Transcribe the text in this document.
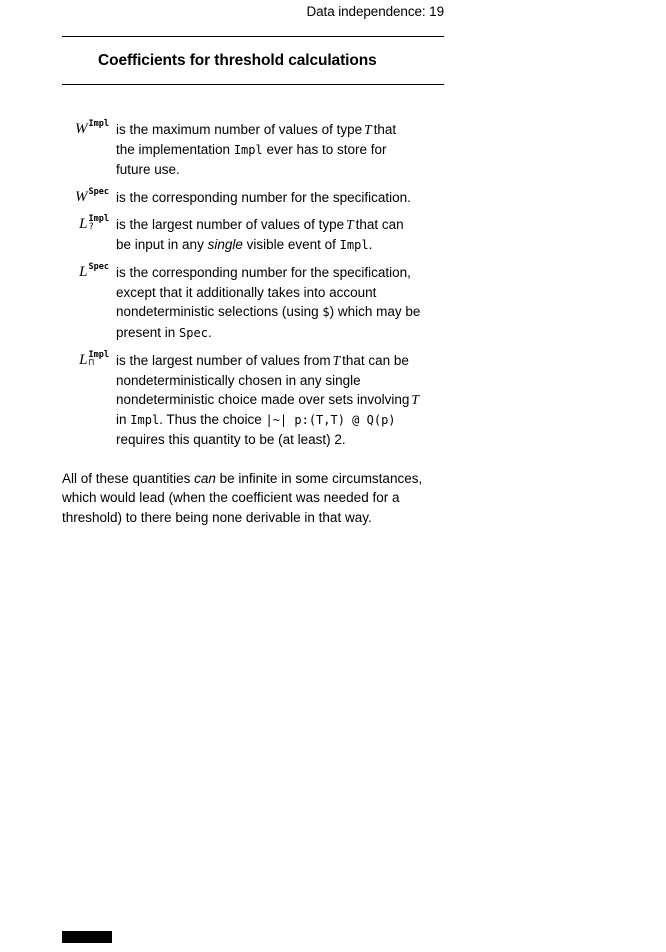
Data independence: 19
Coefficients for threshold calculations
W Impl is the maximum number of values of type T that
the implementation Impl ever has to store for
future use.
W Spec is the corresponding number for the specification.
L Impl
?	is the largest number of values of type T that can
be input in any single visible event of Impl.
L Spec is the corresponding number for the specification,
except that it additionally takes into account
nondeterministic selections (using $) which may be
present in Spec.
L Impl
⊓	is the largest number of values from T that can be
nondeterministically chosen in any single
nondeterministic choice made over sets involving T
in Impl. Thus the choice |~| p:(T,T) @ Q(p)
requires this quantity to be (at least) 2.
All of these quantities can be infinite in some circumstances,
which would lead (when the coefficient was needed for a
threshold) to there being none derivable in that way.
